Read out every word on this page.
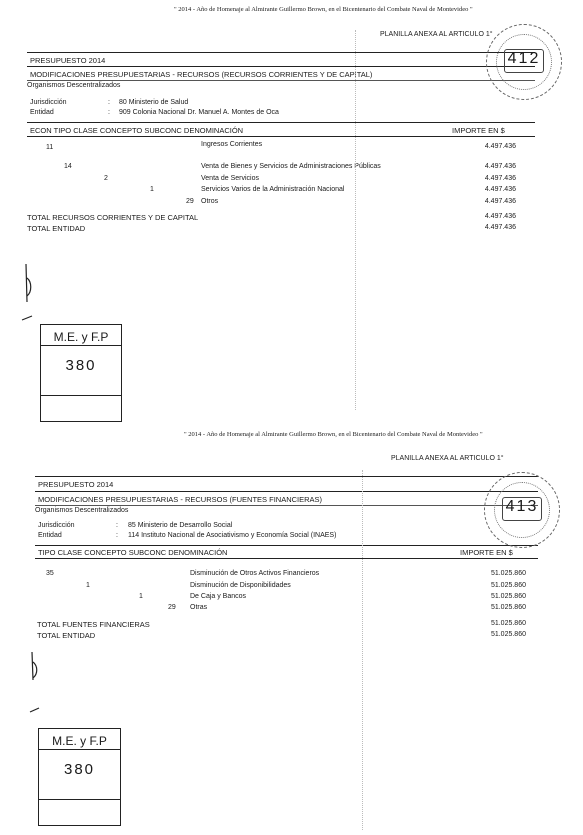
" 2014 - Año de Homenaje al Almirante Guillermo Brown, en el Bicentenario del Combate Naval de Montevideo "
PLANILLA ANEXA AL ARTICULO 1°
PRESUPUESTO 2014
MODIFICACIONES PRESUPUESTARIAS - RECURSOS (RECURSOS CORRIENTES Y DE CAPITAL)
Organismos Descentralizados
Jurisdicción	: 80 Ministerio de Salud
Entidad	: 909 Colonia Nacional Dr. Manuel A. Montes de Oca
ECON TIPO CLASE CONCEPTO SUBCONC DENOMINACIÓN	IMPORTE EN $
11	Ingresos Corrientes	4.497.436
14	Venta de Bienes y Servicios de Administraciones Públicas	4.497.436
2	Venta de Servicios	4.497.436
1	Servicios Varios de la Administración Nacional	4.497.436
29 Otros	4.497.436
TOTAL RECURSOS CORRIENTES Y DE CAPITAL	4.497.436
TOTAL ENTIDAD	4.497.436
M.E. y F.P
380
412
" 2014 - Año de Homenaje al Almirante Guillermo Brown, en el Bicentenario del Combate Naval de Montevideo "
PLANILLA ANEXA AL ARTICULO 1°
PRESUPUESTO 2014
MODIFICACIONES PRESUPUESTARIAS - RECURSOS (FUENTES FINANCIERAS)
Organismos Descentralizados
Jurisdicción	: 85 Ministerio de Desarrollo Social
Entidad	: 114 Instituto Nacional de Asociativismo y Economía Social (INAES)
TIPO CLASE CONCEPTO SUBCONC DENOMINACIÓN	IMPORTE EN $
35	Disminución de Otros Activos Financieros	51.025.860
1	Disminución de Disponibilidades	51.025.860
1	De Caja y Bancos	51.025.860
29 Otras	51.025.860
TOTAL FUENTES FINANCIERAS	51.025.860
TOTAL ENTIDAD	51.025.860
M.E. y F.P
380
413
